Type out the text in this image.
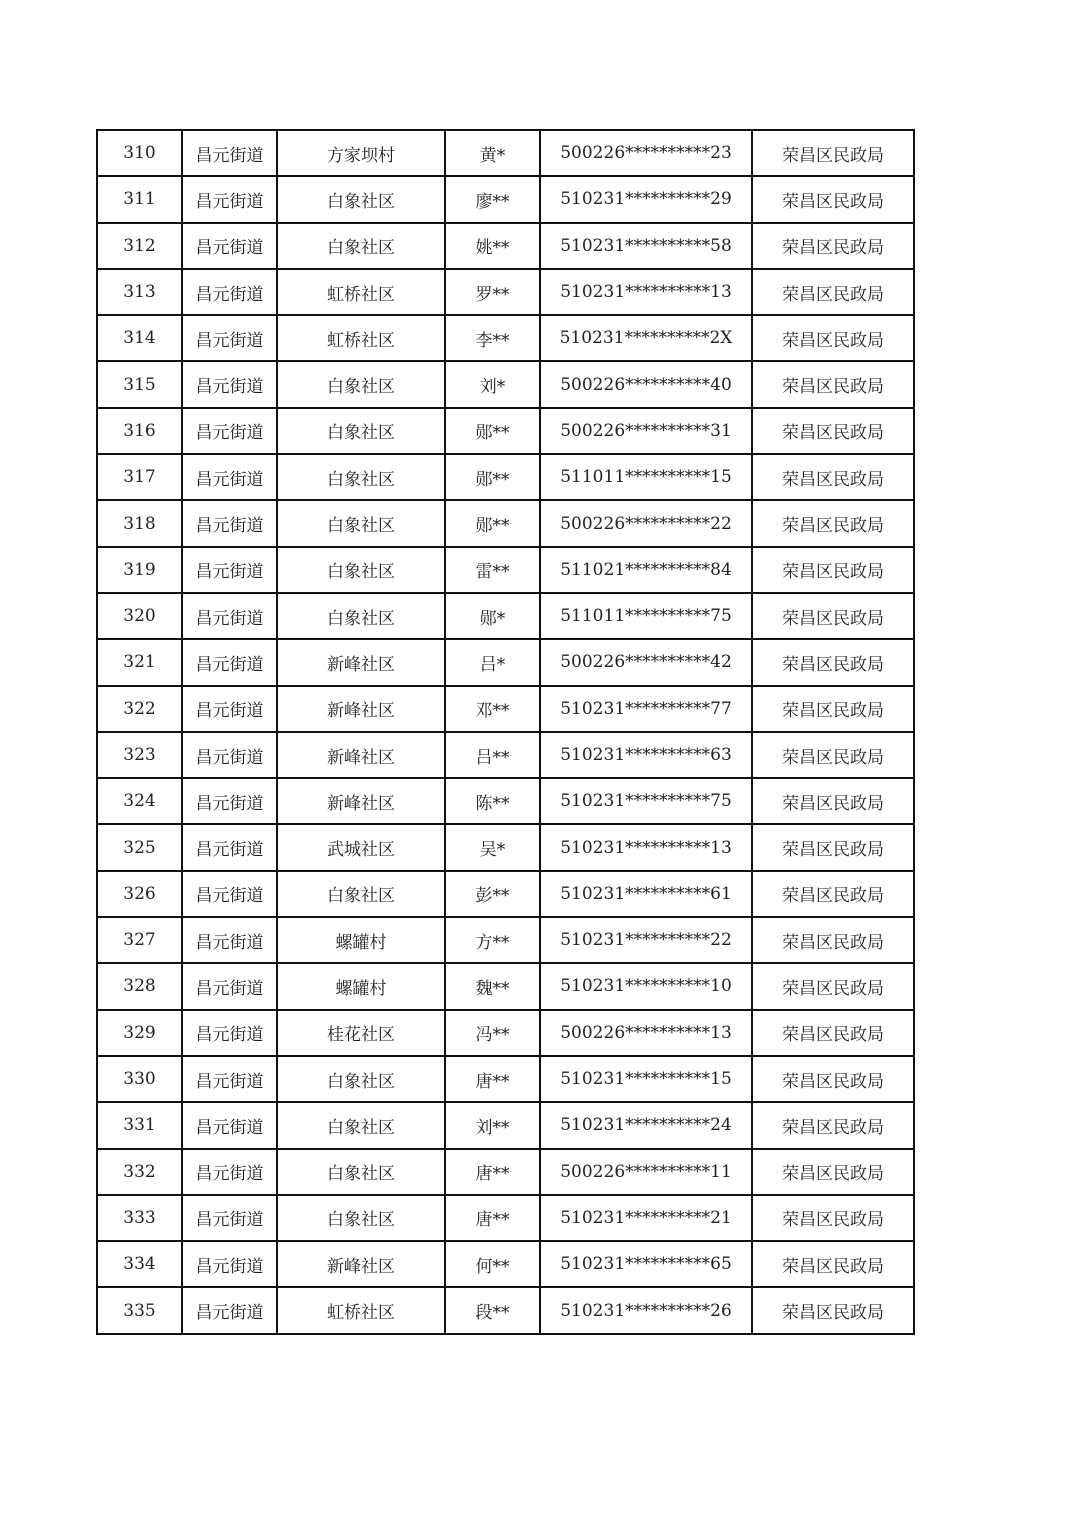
310	昌元街道	方家坝村	黄*	500226**********23	荣昌区民政局
311	昌元街道	白象社区	廖**	510231**********29	荣昌区民政局
312	昌元街道	白象社区	姚**	510231**********58	荣昌区民政局
313	昌元街道	虹桥社区	罗**	510231**********13	荣昌区民政局
314	昌元街道	虹桥社区	李**	510231**********2X	荣昌区民政局
315	昌元街道	白象社区	刘*	500226**********40	荣昌区民政局
316	昌元街道	白象社区	郧**	500226**********31	荣昌区民政局
317	昌元街道	白象社区	郧**	511011**********15	荣昌区民政局
318	昌元街道	白象社区	郧**	500226**********22	荣昌区民政局
319	昌元街道	白象社区	雷**	511021**********84	荣昌区民政局
320	昌元街道	白象社区	郧*	511011**********75	荣昌区民政局
321	昌元街道	新峰社区	吕*	500226**********42	荣昌区民政局
322	昌元街道	新峰社区	邓**	510231**********77	荣昌区民政局
323	昌元街道	新峰社区	吕**	510231**********63	荣昌区民政局
324	昌元街道	新峰社区	陈**	510231**********75	荣昌区民政局
325	昌元街道	武城社区	吴*	510231**********13	荣昌区民政局
326	昌元街道	白象社区	彭**	510231**********61	荣昌区民政局
327	昌元街道	螺罐村	方**	510231**********22	荣昌区民政局
328	昌元街道	螺罐村	魏**	510231**********10	荣昌区民政局
329	昌元街道	桂花社区	冯**	500226**********13	荣昌区民政局
330	昌元街道	白象社区	唐**	510231**********15	荣昌区民政局
331	昌元街道	白象社区	刘**	510231**********24	荣昌区民政局
332	昌元街道	白象社区	唐**	500226**********11	荣昌区民政局
333	昌元街道	白象社区	唐**	510231**********21	荣昌区民政局
334	昌元街道	新峰社区	何**	510231**********65	荣昌区民政局
335	昌元街道	虹桥社区	段**	510231**********26	荣昌区民政局
